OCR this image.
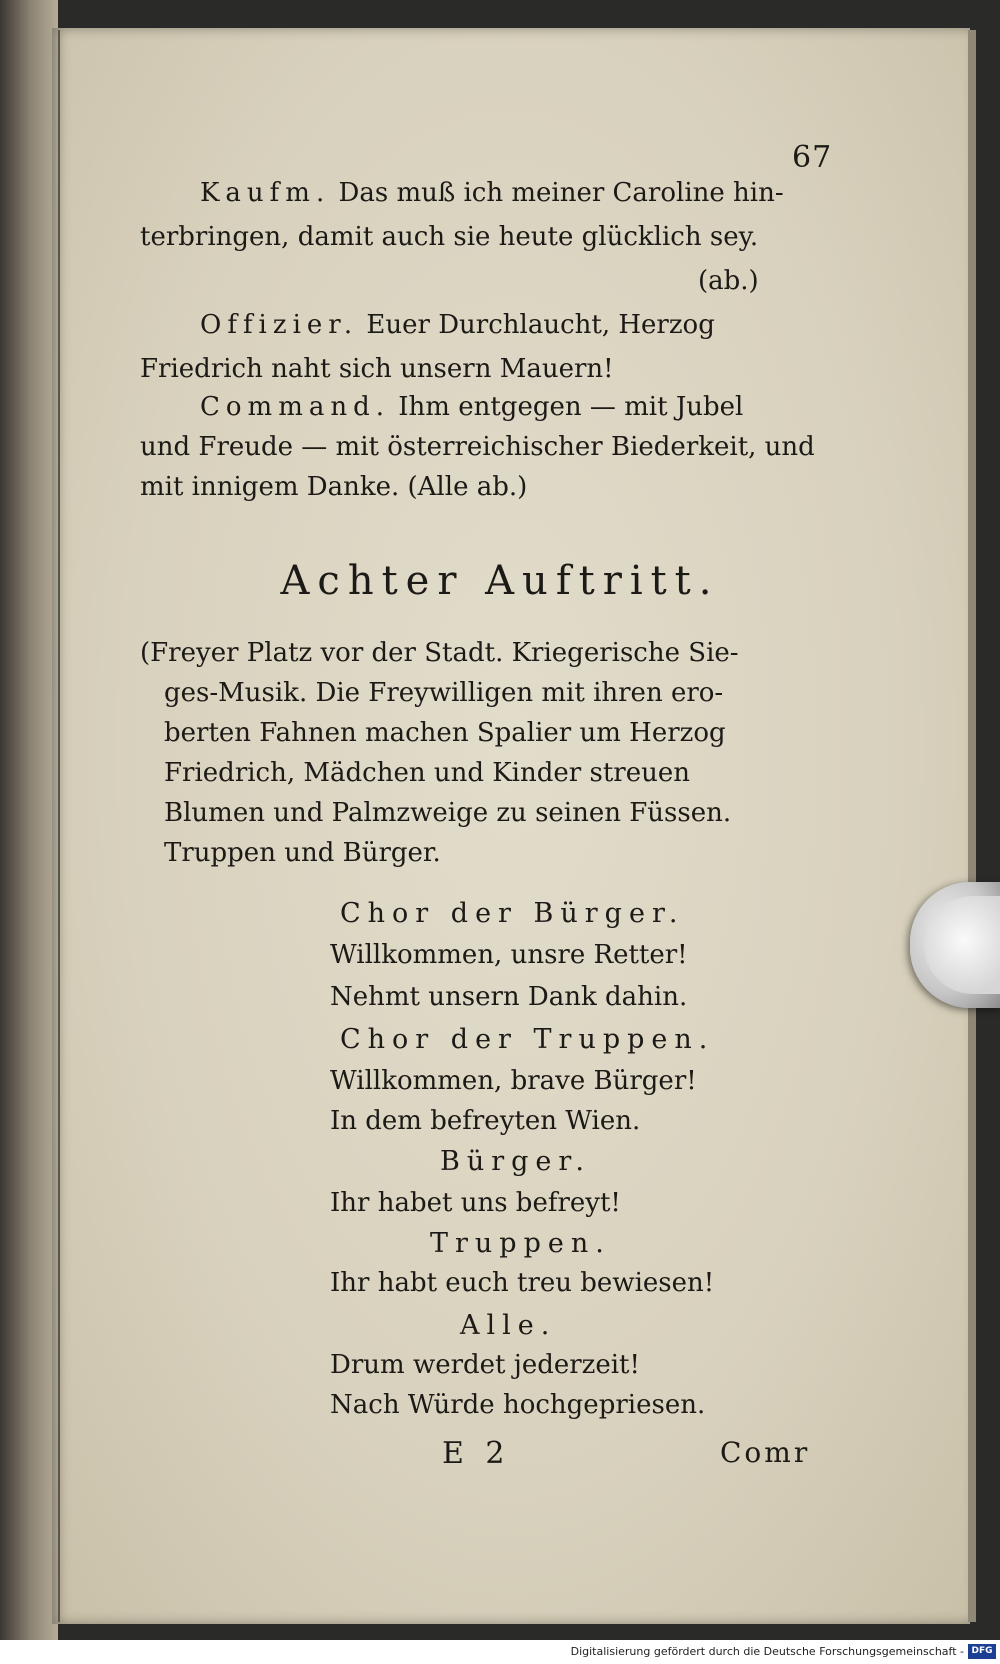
67
Kaufm. Das muß ich meiner Caroline hin-
terbringen, damit auch sie heute glücklich sey.
(ab.)
Offizier. Euer Durchlaucht, Herzog
Friedrich naht sich unsern Mauern!
Command. Ihm entgegen — mit Jubel
und Freude — mit österreichischer Biederkeit, und
mit innigem Danke. (Alle ab.)
Achter Auftritt.
(Freyer Platz vor der Stadt. Kriegerische Sie-
ges-Musik. Die Freywilligen mit ihren ero-
berten Fahnen machen Spalier um Herzog
Friedrich, Mädchen und Kinder streuen
Blumen und Palmzweige zu seinen Füssen.
Truppen und Bürger.
Chor der Bürger.
Willkommen, unsre Retter!
Nehmt unsern Dank dahin.
Chor der Truppen.
Willkommen, brave Bürger!
In dem befreyten Wien.
Bürger.
Ihr habet uns befreyt!
Truppen.
Ihr habt euch treu bewiesen!
Alle.
Drum werdet jederzeit!
Nach Würde hochgepriesen.
E 2	Comr
Digitalisierung gefördert durch die Deutsche Forschungsgemeinschaft - DFG
